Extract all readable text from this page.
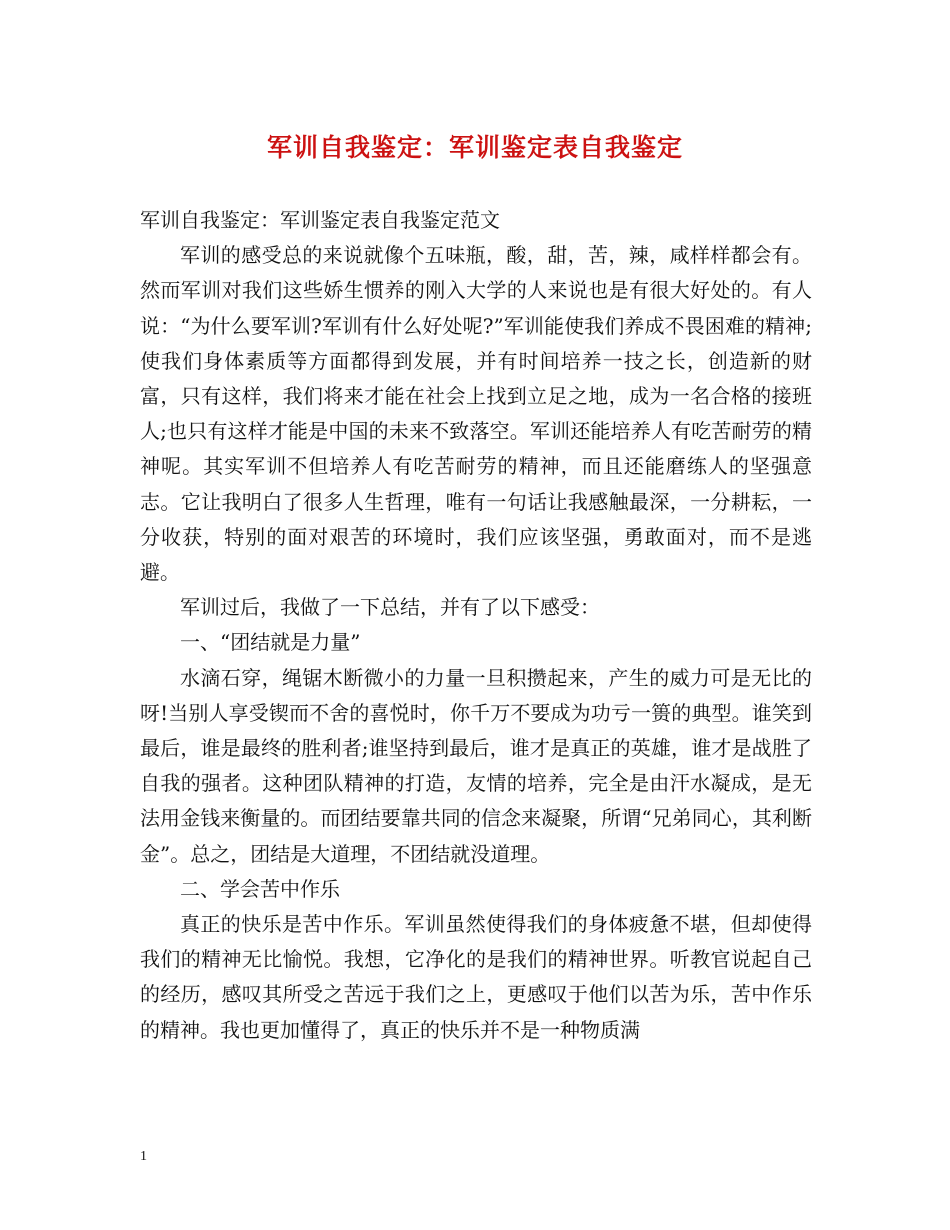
军训自我鉴定：军训鉴定表自我鉴定

军训自我鉴定：军训鉴定表自我鉴定范文

军训的感受总的来说就像个五味瓶，酸，甜，苦，辣，咸样样都会有。然而军训对我们这些娇生惯养的刚入大学的人来说也是有很大好处的。有人说：“为什么要军训?军训有什么好处呢?”军训能使我们养成不畏困难的精神;使我们身体素质等方面都得到发展，并有时间培养一技之长，创造新的财富，只有这样，我们将来才能在社会上找到立足之地，成为一名合格的接班人;也只有这样才能是中国的未来不致落空。军训还能培养人有吃苦耐劳的精神呢。其实军训不但培养人有吃苦耐劳的精神，而且还能磨练人的坚强意志。它让我明白了很多人生哲理，唯有一句话让我感触最深，一分耕耘，一分收获，特别的面对艰苦的环境时，我们应该坚强，勇敢面对，而不是逃避。

军训过后，我做了一下总结，并有了以下感受：

一、“团结就是力量”

水滴石穿，绳锯木断微小的力量一旦积攒起来，产生的威力可是无比的呀!当别人享受锲而不舍的喜悦时，你千万不要成为功亏一篑的典型。谁笑到最后，谁是最终的胜利者;谁坚持到最后，谁才是真正的英雄，谁才是战胜了自我的强者。这种团队精神的打造，友情的培养，完全是由汗水凝成，是无法用金钱来衡量的。而团结要靠共同的信念来凝聚，所谓“兄弟同心，其利断金”。总之，团结是大道理，不团结就没道理。

二、学会苦中作乐

真正的快乐是苦中作乐。军训虽然使得我们的身体疲惫不堪，但却使得我们的精神无比愉悦。我想，它净化的是我们的精神世界。听教官说起自己的经历，感叹其所受之苦远于我们之上，更感叹于他们以苦为乐，苦中作乐的精神。我也更加懂得了，真正的快乐并不是一种物质满

1
